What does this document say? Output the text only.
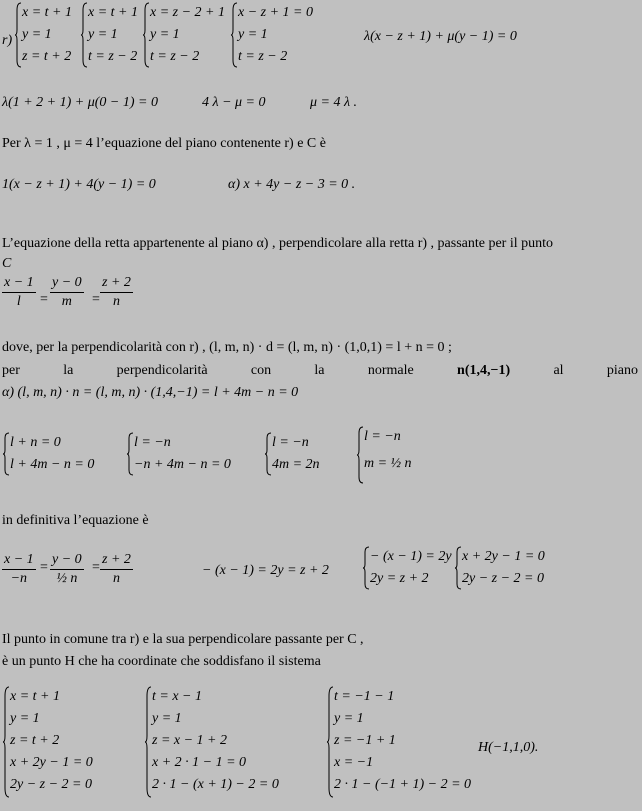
r)
x = t + 1
y = 1
z = t + 2
x = t + 1
y = 1
t = z − 2
x = z − 2 + 1
y = 1
t = z − 2
x − z + 1 = 0
y = 1
t = z − 2
λ(x − z + 1) + μ(y − 1) = 0
λ(1 + 2 + 1) + μ(0 − 1) = 0	4 λ − μ = 0	μ = 4 λ .
Per λ = 1 , μ = 4 l’equazione del piano contenente r) e C è
1(x − z + 1) + 4(y − 1) = 0	α) x + 4y − z − 3 = 0 .
L’equazione della retta appartenente al piano α) , perpendicolare alla retta r) , passante per il punto
C
$\frac{x - 1}{l} = \frac{y - 0}{m} = \frac{z + 2}{n}$
dove, per la perpendicolarità con r) , (l, m, n) · d = (l, m, n) · (1,0,1) = l + n = 0 ;
per	la	perpendicolarità	con	la	normale	n(1,4,−1)	al	piano
α) (l, m, n) · n = (l, m, n) · (1,4,−1) = l + 4m − n = 0
l + n = 0
l + 4m − n = 0
l = −n
−n + 4m − n = 0
l = −n
4m = 2n
l = −n
m = ½ n
in definitiva l’equazione è
$\frac{x - 1}{-n} = \frac{y - 0}{\text{½ n}} = \frac{z + 2}{n}$	− (x − 1) = 2y = z + 2
− (x − 1) = 2y
2y = z + 2
x + 2y − 1 = 0
2y − z − 2 = 0
Il punto in comune tra r) e la sua perpendicolare passante per C ,
è un punto H che ha coordinate che soddisfano il sistema
x = t + 1
y = 1
z = t + 2
x + 2y − 1 = 0
2y − z − 2 = 0
t = x − 1
y = 1
z = x − 1 + 2
x + 2 · 1 − 1 = 0
2 · 1 − (x + 1) − 2 = 0
t = −1 − 1
y = 1
z = −1 + 1
x = −1
2 · 1 − (−1 + 1) − 2 = 0
H(−1,1,0).
